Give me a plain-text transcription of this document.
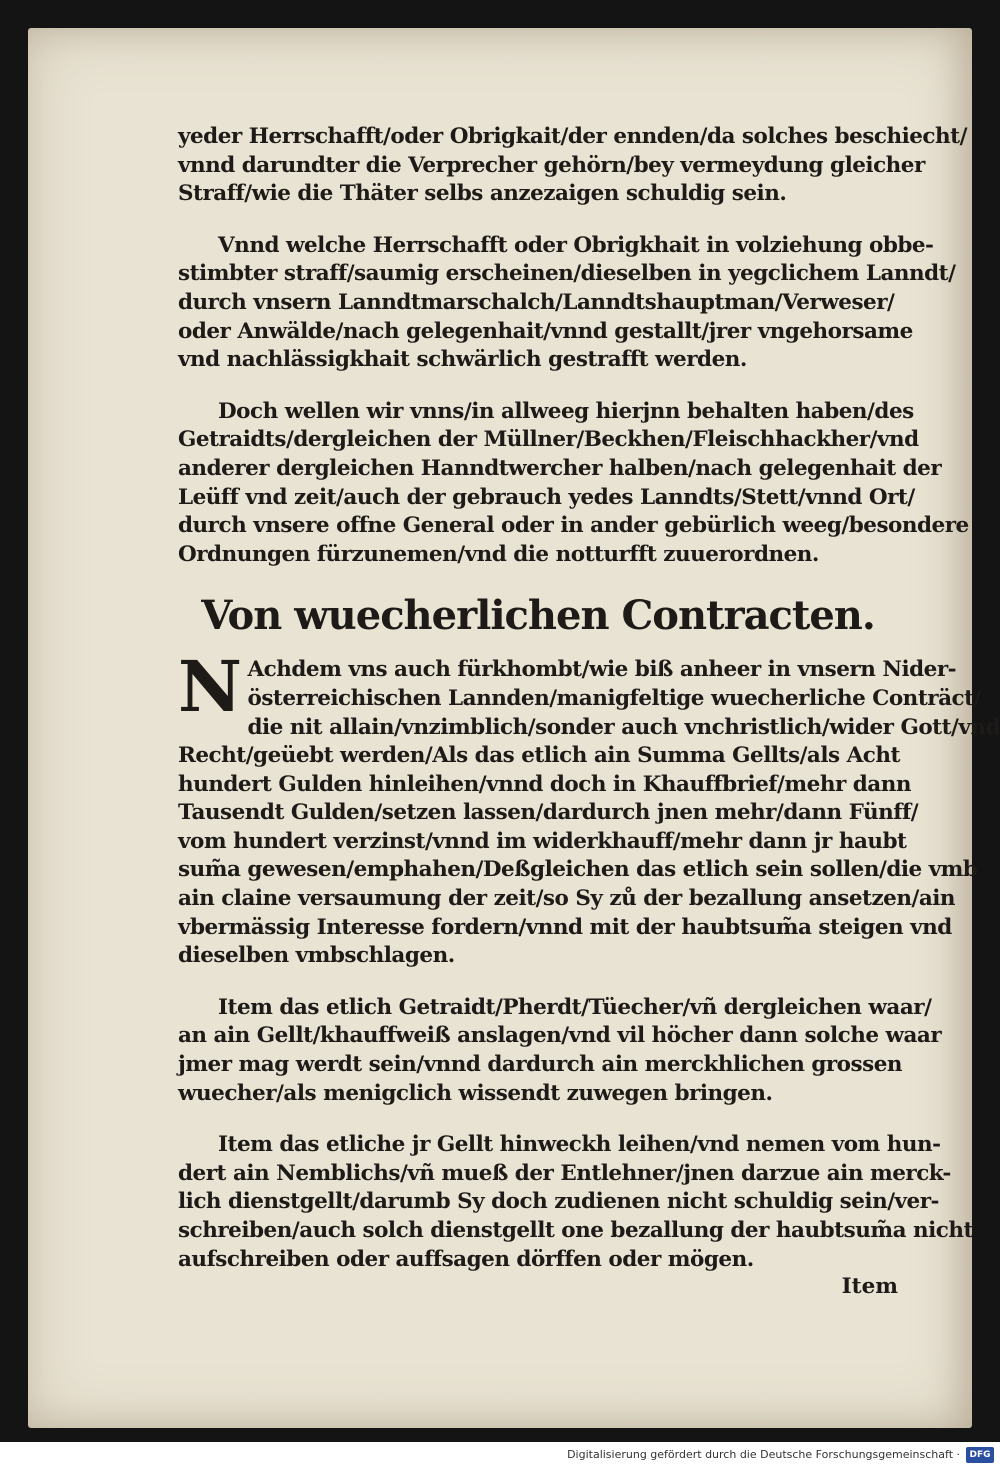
yeder Herrschafft/oder Obrigkait/der ennden/da solches beschiecht/
vnnd darundter die Verprecher gehörn/bey vermeydung gleicher
Straff/wie die Thäter selbs anzezaigen schuldig sein.

Vnnd welche Herrschafft oder Obrigkhait in volziehung obbe-
stimbter straff/saumig erscheinen/dieselben in yegclichem Lanndt/
durch vnsern Lanndtmarschalch/Lanndtshauptman/Verweser/
oder Anwälde/nach gelegenhait/vnnd gestallt/jrer vngehorsame
vnd nachlässigkhait schwärlich gestrafft werden.

Doch wellen wir vnns/in allweeg hierjnn behalten haben/des
Getraidts/dergleichen der Müllner/Beckhen/Fleischhackher/vnd
anderer dergleichen Hanndtwercher halben/nach gelegenhait der
Leüff vnd zeit/auch der gebrauch yedes Lanndts/Stett/vnnd Ort/
durch vnsere offne General oder in ander gebürlich weeg/besondere
Ordnungen fürzunemen/vnd die notturfft zuuerordnen.

Von wuecherlichen Contracten.

N Achdem vns auch fürkhombt/wie biß anheer in vnsern Nider-
österreichischen Lannden/manigfeltige wuecherliche Conträct/
die nit allain/vnzimblich/sonder auch vnchristlich/wider Gott/vnd
Recht/geüebt werden/Als das etlich ain Summa Gellts/als Acht
hundert Gulden hinleihen/vnnd doch in Khauffbrief/mehr dann
Tausendt Gulden/setzen lassen/dardurch jnen mehr/dann Fünff/
vom hundert verzinst/vnnd im widerkhauff/mehr dann jr haubt
sum̃a gewesen/emphahen/Deßgleichen das etlich sein sollen/die vmb
ain claine versaumung der zeit/so Sy zů der bezallung ansetzen/ain
vbermässig Interesse fordern/vnnd mit der haubtsum̃a steigen vnd
dieselben vmbschlagen.

Item das etlich Getraidt/Pherdt/Tüecher/vñ dergleichen waar/
an ain Gellt/khauffweiß anslagen/vnd vil höcher dann solche waar
jmer mag werdt sein/vnnd dardurch ain merckhlichen grossen
wuecher/als menigclich wissendt zuwegen bringen.

Item das etliche jr Gellt hinweckh leihen/vnd nemen vom hun-
dert ain Nemblichs/vñ mueß der Entlehner/jnen darzue ain merck-
lich dienstgellt/darumb Sy doch zudienen nicht schuldig sein/ver-
schreiben/auch solch dienstgellt one bezallung der haubtsum̃a nicht
aufschreiben oder auffsagen dörffen oder mögen.

Item
Digitalisierung gefördert durch die Deutsche Forschungsgemeinschaft ·	DFG
